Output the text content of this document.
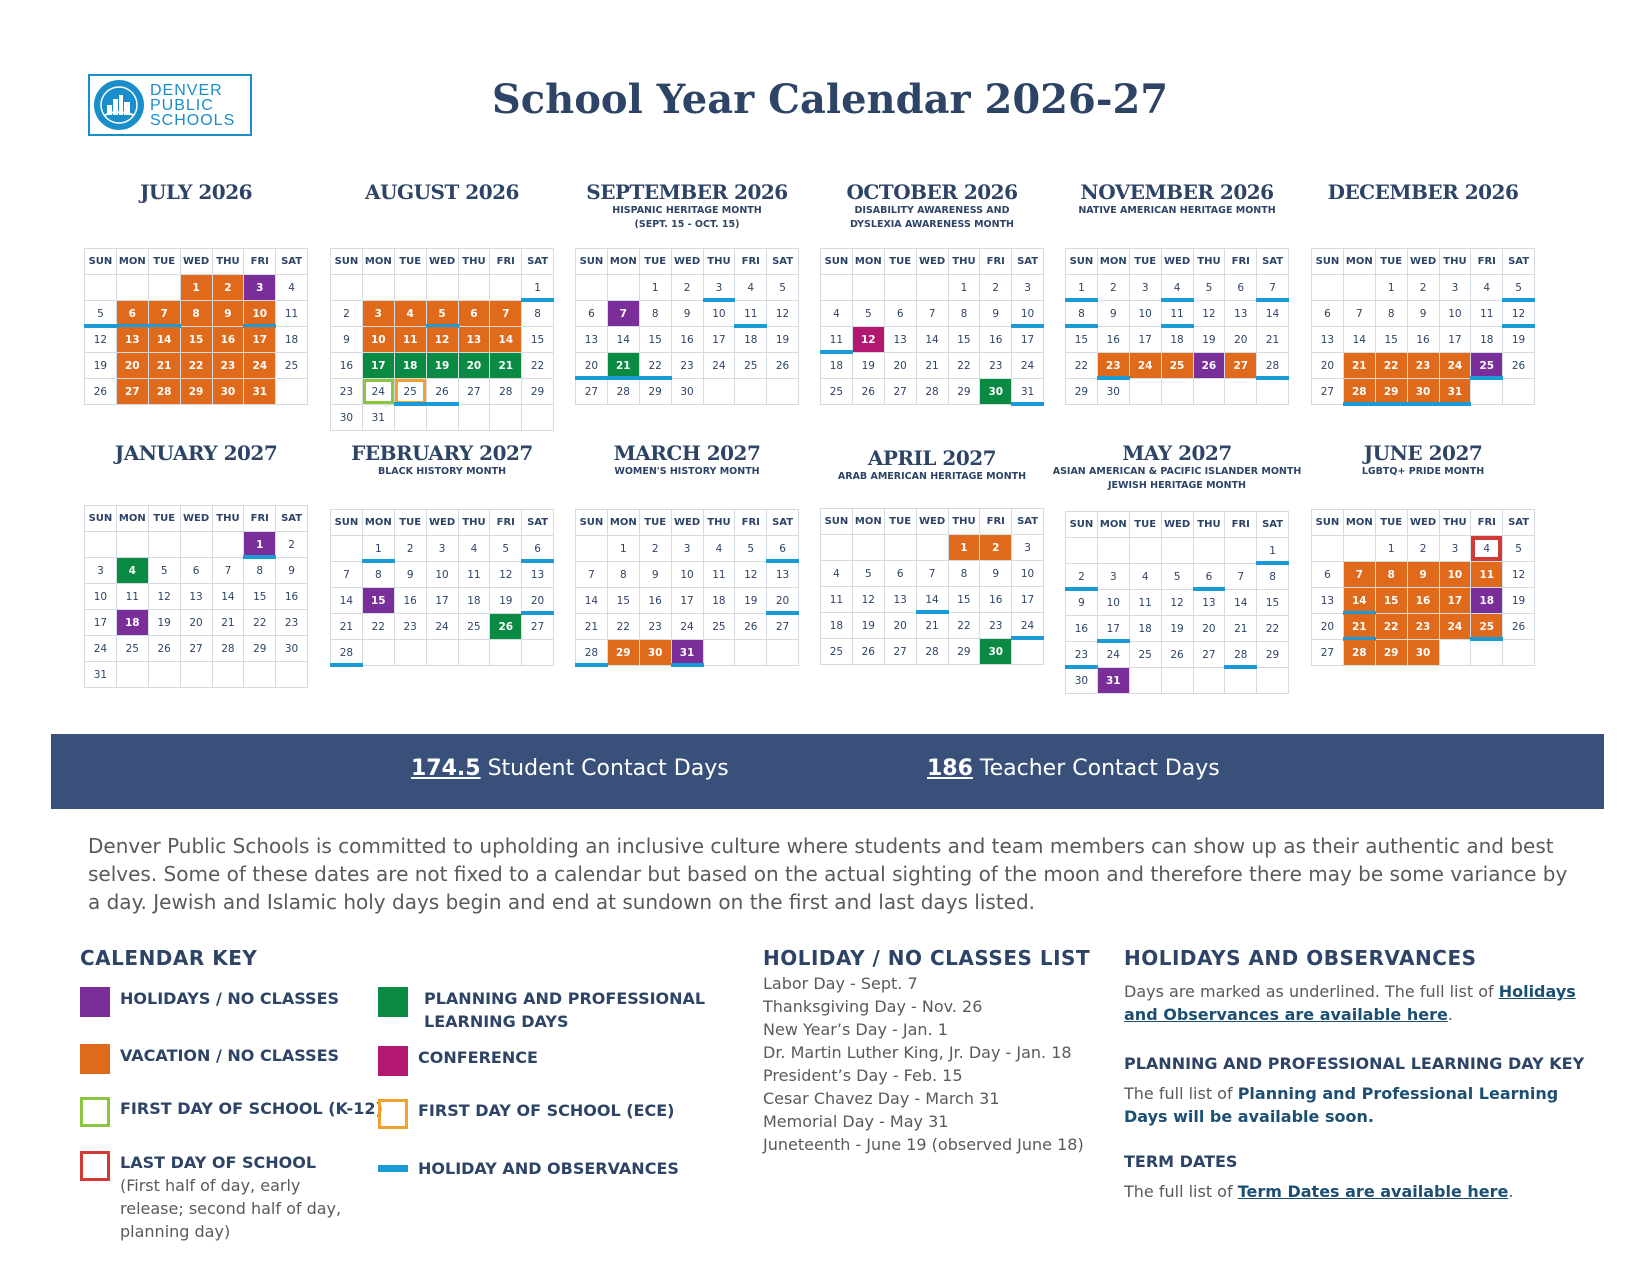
DENVER
PUBLIC
SCHOOLS	School Year Calendar 2026-27
JULY 2026
SUN	MON	TUE	WED	THU	FRI	SAT
			1	2	3	4
5	6	7	8	9	10	11
12	13	14	15	16	17	18
19	20	21	22	23	24	25
26	27	28	29	30	31	
AUGUST 2026
SUN	MON	TUE	WED	THU	FRI	SAT
						1
2	3	4	5	6	7	8
9	10	11	12	13	14	15
16	17	18	19	20	21	22
23	24	25	26	27	28	29
30	31					
SEPTEMBER 2026
HISPANIC HERITAGE MONTH
(SEPT. 15 - OCT. 15)
SUN	MON	TUE	WED	THU	FRI	SAT
		1	2	3	4	5
6	7	8	9	10	11	12
13	14	15	16	17	18	19
20	21	22	23	24	25	26
27	28	29	30			
OCTOBER 2026
DISABILITY AWARENESS AND
DYSLEXIA AWARENESS MONTH
SUN	MON	TUE	WED	THU	FRI	SAT
				1	2	3
4	5	6	7	8	9	10
11	12	13	14	15	16	17
18	19	20	21	22	23	24
25	26	27	28	29	30	31
NOVEMBER 2026
NATIVE AMERICAN HERITAGE MONTH
SUN	MON	TUE	WED	THU	FRI	SAT
1	2	3	4	5	6	7
8	9	10	11	12	13	14
15	16	17	18	19	20	21
22	23	24	25	26	27	28
29	30					
DECEMBER 2026
SUN	MON	TUE	WED	THU	FRI	SAT
		1	2	3	4	5
6	7	8	9	10	11	12
13	14	15	16	17	18	19
20	21	22	23	24	25	26
27	28	29	30	31		
JANUARY 2027
SUN	MON	TUE	WED	THU	FRI	SAT
					1	2
3	4	5	6	7	8	9
10	11	12	13	14	15	16
17	18	19	20	21	22	23
24	25	26	27	28	29	30
31						
FEBRUARY 2027
BLACK HISTORY MONTH
SUN	MON	TUE	WED	THU	FRI	SAT
	1	2	3	4	5	6
7	8	9	10	11	12	13
14	15	16	17	18	19	20
21	22	23	24	25	26	27
28						
MARCH 2027
WOMEN'S HISTORY MONTH
SUN	MON	TUE	WED	THU	FRI	SAT
	1	2	3	4	5	6
7	8	9	10	11	12	13
14	15	16	17	18	19	20
21	22	23	24	25	26	27
28	29	30	31			
APRIL 2027
ARAB AMERICAN HERITAGE MONTH
SUN	MON	TUE	WED	THU	FRI	SAT
				1	2	3
4	5	6	7	8	9	10
11	12	13	14	15	16	17
18	19	20	21	22	23	24
25	26	27	28	29	30	
MAY 2027
ASIAN AMERICAN & PACIFIC ISLANDER MONTH
JEWISH HERITAGE MONTH
SUN	MON	TUE	WED	THU	FRI	SAT
						1
2	3	4	5	6	7	8
9	10	11	12	13	14	15
16	17	18	19	20	21	22
23	24	25	26	27	28	29
30	31					
JUNE 2027
LGBTQ+ PRIDE MONTH
SUN	MON	TUE	WED	THU	FRI	SAT
		1	2	3	4	5
6	7	8	9	10	11	12
13	14	15	16	17	18	19
20	21	22	23	24	25	26
27	28	29	30			
174.5 Student Contact Days	186 Teacher Contact Days

Denver Public Schools is committed to upholding an inclusive culture where students and team members can show up as their authentic and best selves. Some of these dates are not fixed to a calendar but based on the actual sighting of the moon and therefore there may be some variance by a day. Jewish and Islamic holy days begin and end at sundown on the first and last days listed.

CALENDAR KEY
HOLIDAYS / NO CLASSES
VACATION / NO CLASSES
FIRST DAY OF SCHOOL (K-12)
LAST DAY OF SCHOOL
(First half of day, early release; second half of day, planning day)
PLANNING AND PROFESSIONAL LEARNING DAYS
CONFERENCE
FIRST DAY OF SCHOOL (ECE)
HOLIDAY AND OBSERVANCES
HOLIDAY / NO CLASSES LIST
Labor Day - Sept. 7
Thanksgiving Day - Nov. 26
New Year’s Day - Jan. 1
Dr. Martin Luther King, Jr. Day - Jan. 18
President’s Day - Feb. 15
Cesar Chavez Day - March 31
Memorial Day - May 31
Juneteenth - June 19 (observed June 18)
HOLIDAYS AND OBSERVANCES
Days are marked as underlined. The full list of Holidays and Observances are available here.
PLANNING AND PROFESSIONAL LEARNING DAY KEY
The full list of Planning and Professional Learning Days will be available soon.
TERM DATES
The full list of Term Dates are available here.
